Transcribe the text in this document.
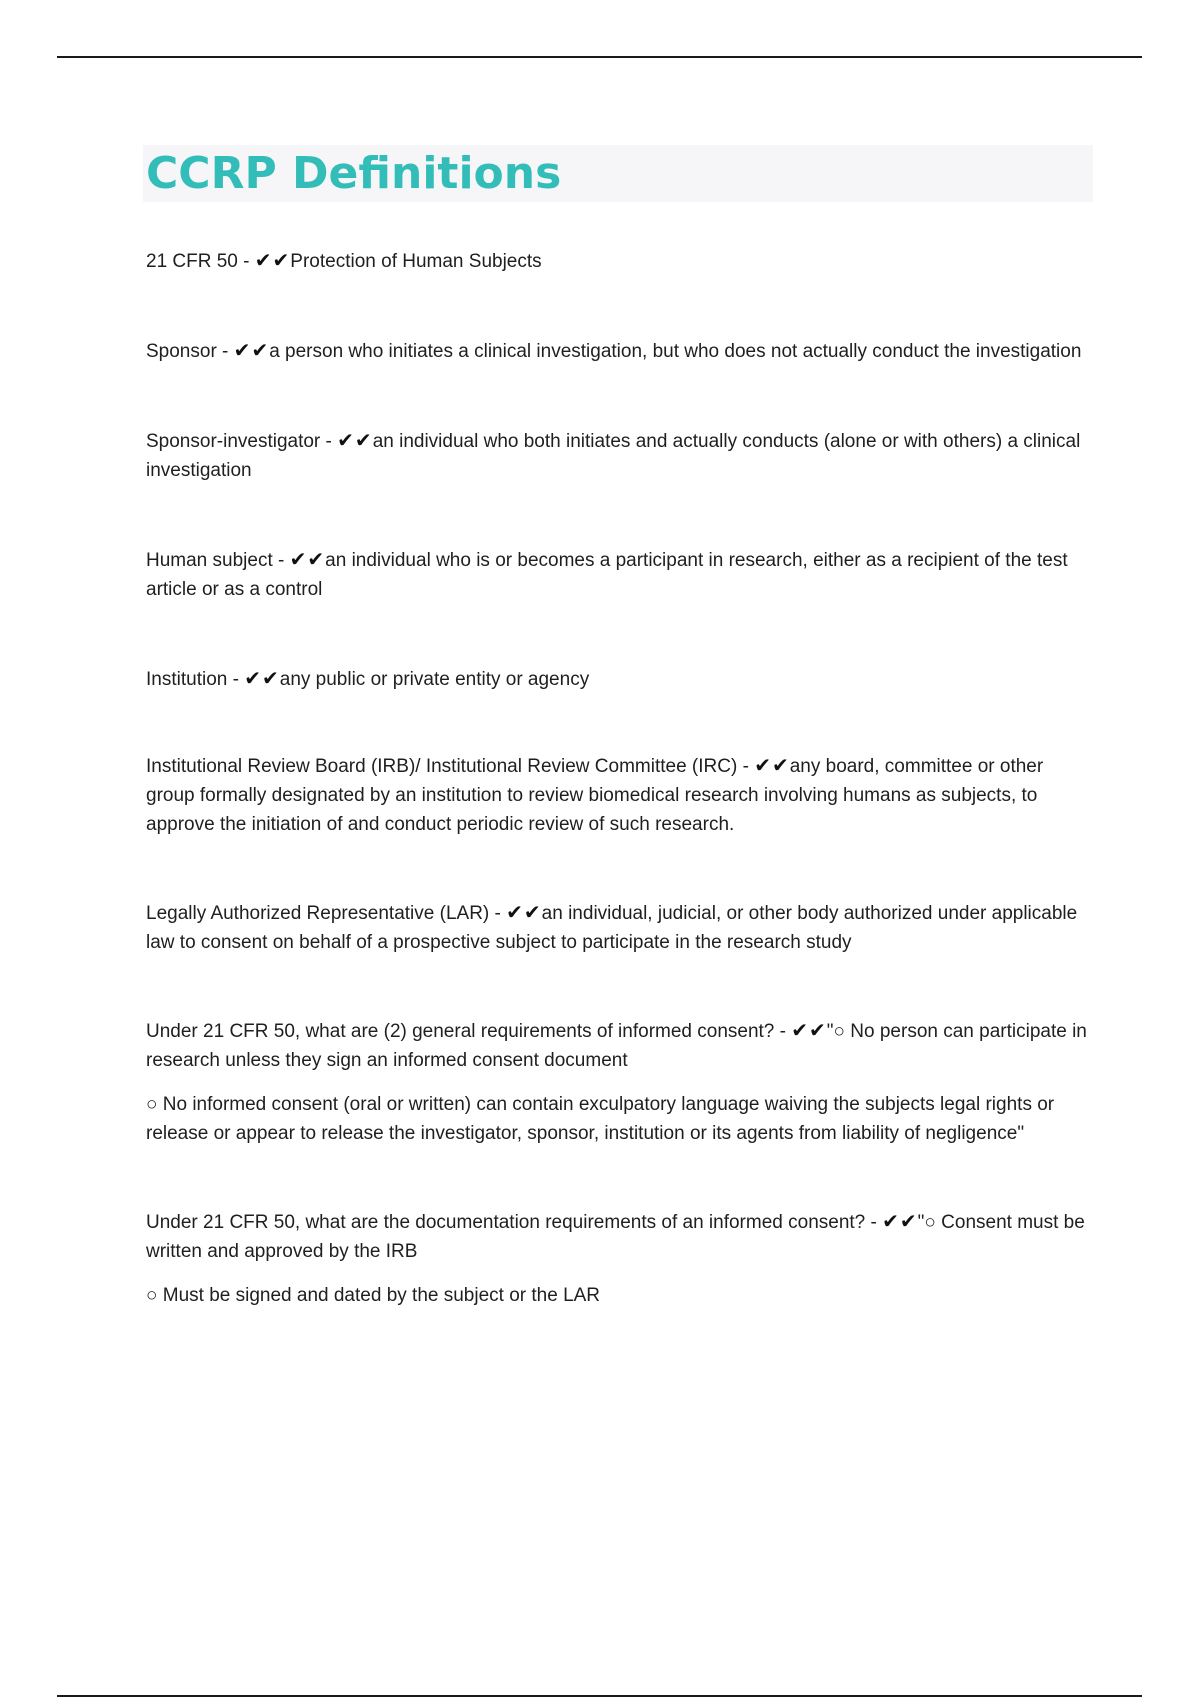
CCRP Definitions

21 CFR 50 - ✔✔Protection of Human Subjects

Sponsor - ✔✔a person who initiates a clinical investigation, but who does not actually conduct the investigation

Sponsor-investigator - ✔✔an individual who both initiates and actually conducts (alone or with others) a clinical investigation

Human subject - ✔✔an individual who is or becomes a participant in research, either as a recipient of the test article or as a control

Institution - ✔✔any public or private entity or agency

Institutional Review Board (IRB)/ Institutional Review Committee (IRC) - ✔✔any board, committee or other group formally designated by an institution to review biomedical research involving humans as subjects, to approve the initiation of and conduct periodic review of such research.

Legally Authorized Representative (LAR) - ✔✔an individual, judicial, or other body authorized under applicable law to consent on behalf of a prospective subject to participate in the research study

Under 21 CFR 50, what are (2) general requirements of informed consent? - ✔✔"○ No person can participate in research unless they sign an informed consent document

○ No informed consent (oral or written) can contain exculpatory language waiving the subjects legal rights or release or appear to release the investigator, sponsor, institution or its agents from liability of negligence"

Under 21 CFR 50, what are the documentation requirements of an informed consent? - ✔✔"○ Consent must be written and approved by the IRB

○ Must be signed and dated by the subject or the LAR
